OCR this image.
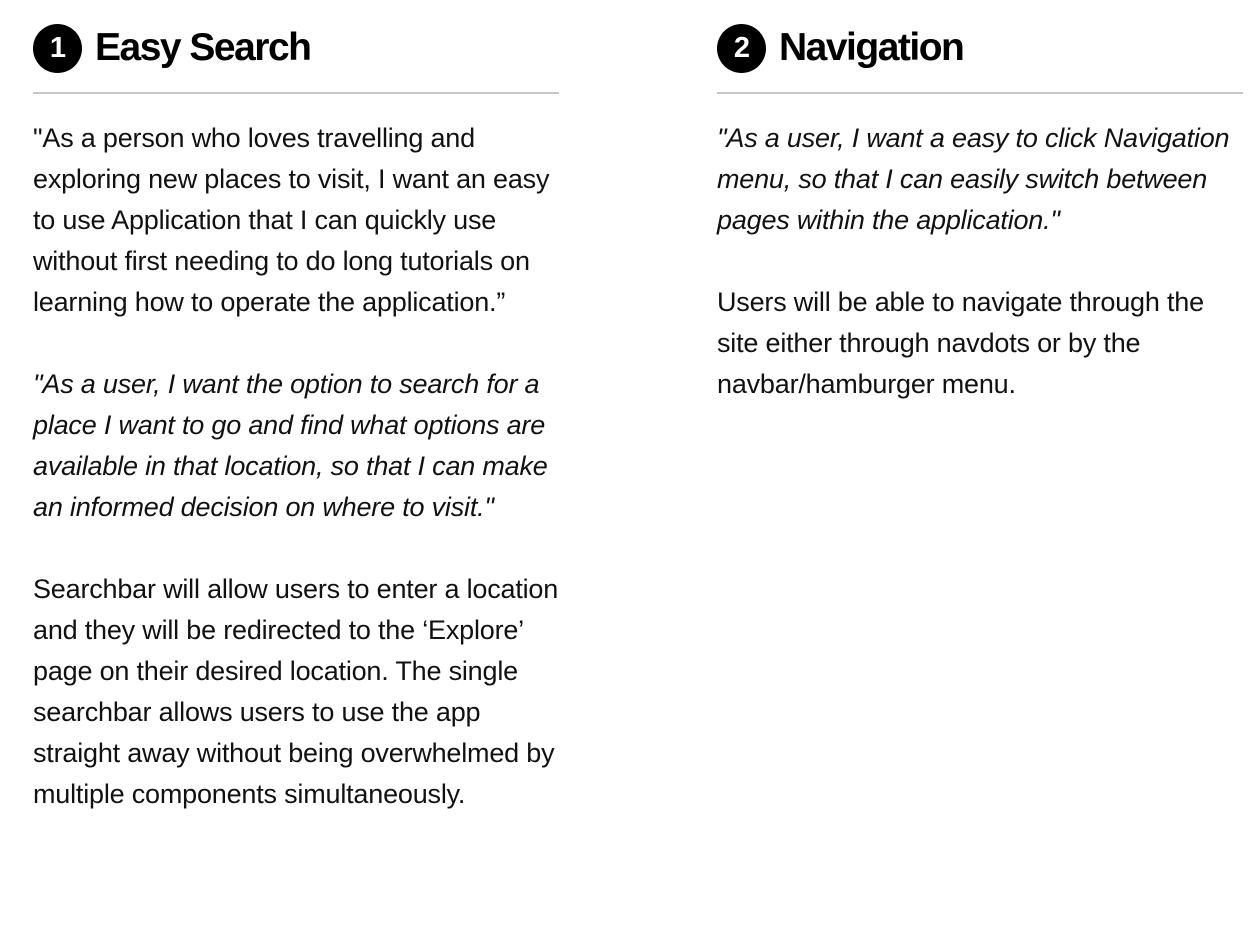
1 Easy Search

"As a person who loves travelling and exploring new places to visit, I want an easy to use Application that I can quickly use without first needing to do long tutorials on learning how to operate the application.”

"As a user, I want the option to search for a place I want to go and find what options are available in that location, so that I can make an informed decision on where to visit."

Searchbar will allow users to enter a location and they will be redirected to the ‘Explore’ page on their desired location. The single searchbar allows users to use the app straight away without being overwhelmed by multiple components simultaneously.

2 Navigation

"As a user, I want a easy to click Navigation menu, so that I can easily switch between pages within the application."

Users will be able to navigate through the site either through navdots or by the navbar/hamburger menu.
